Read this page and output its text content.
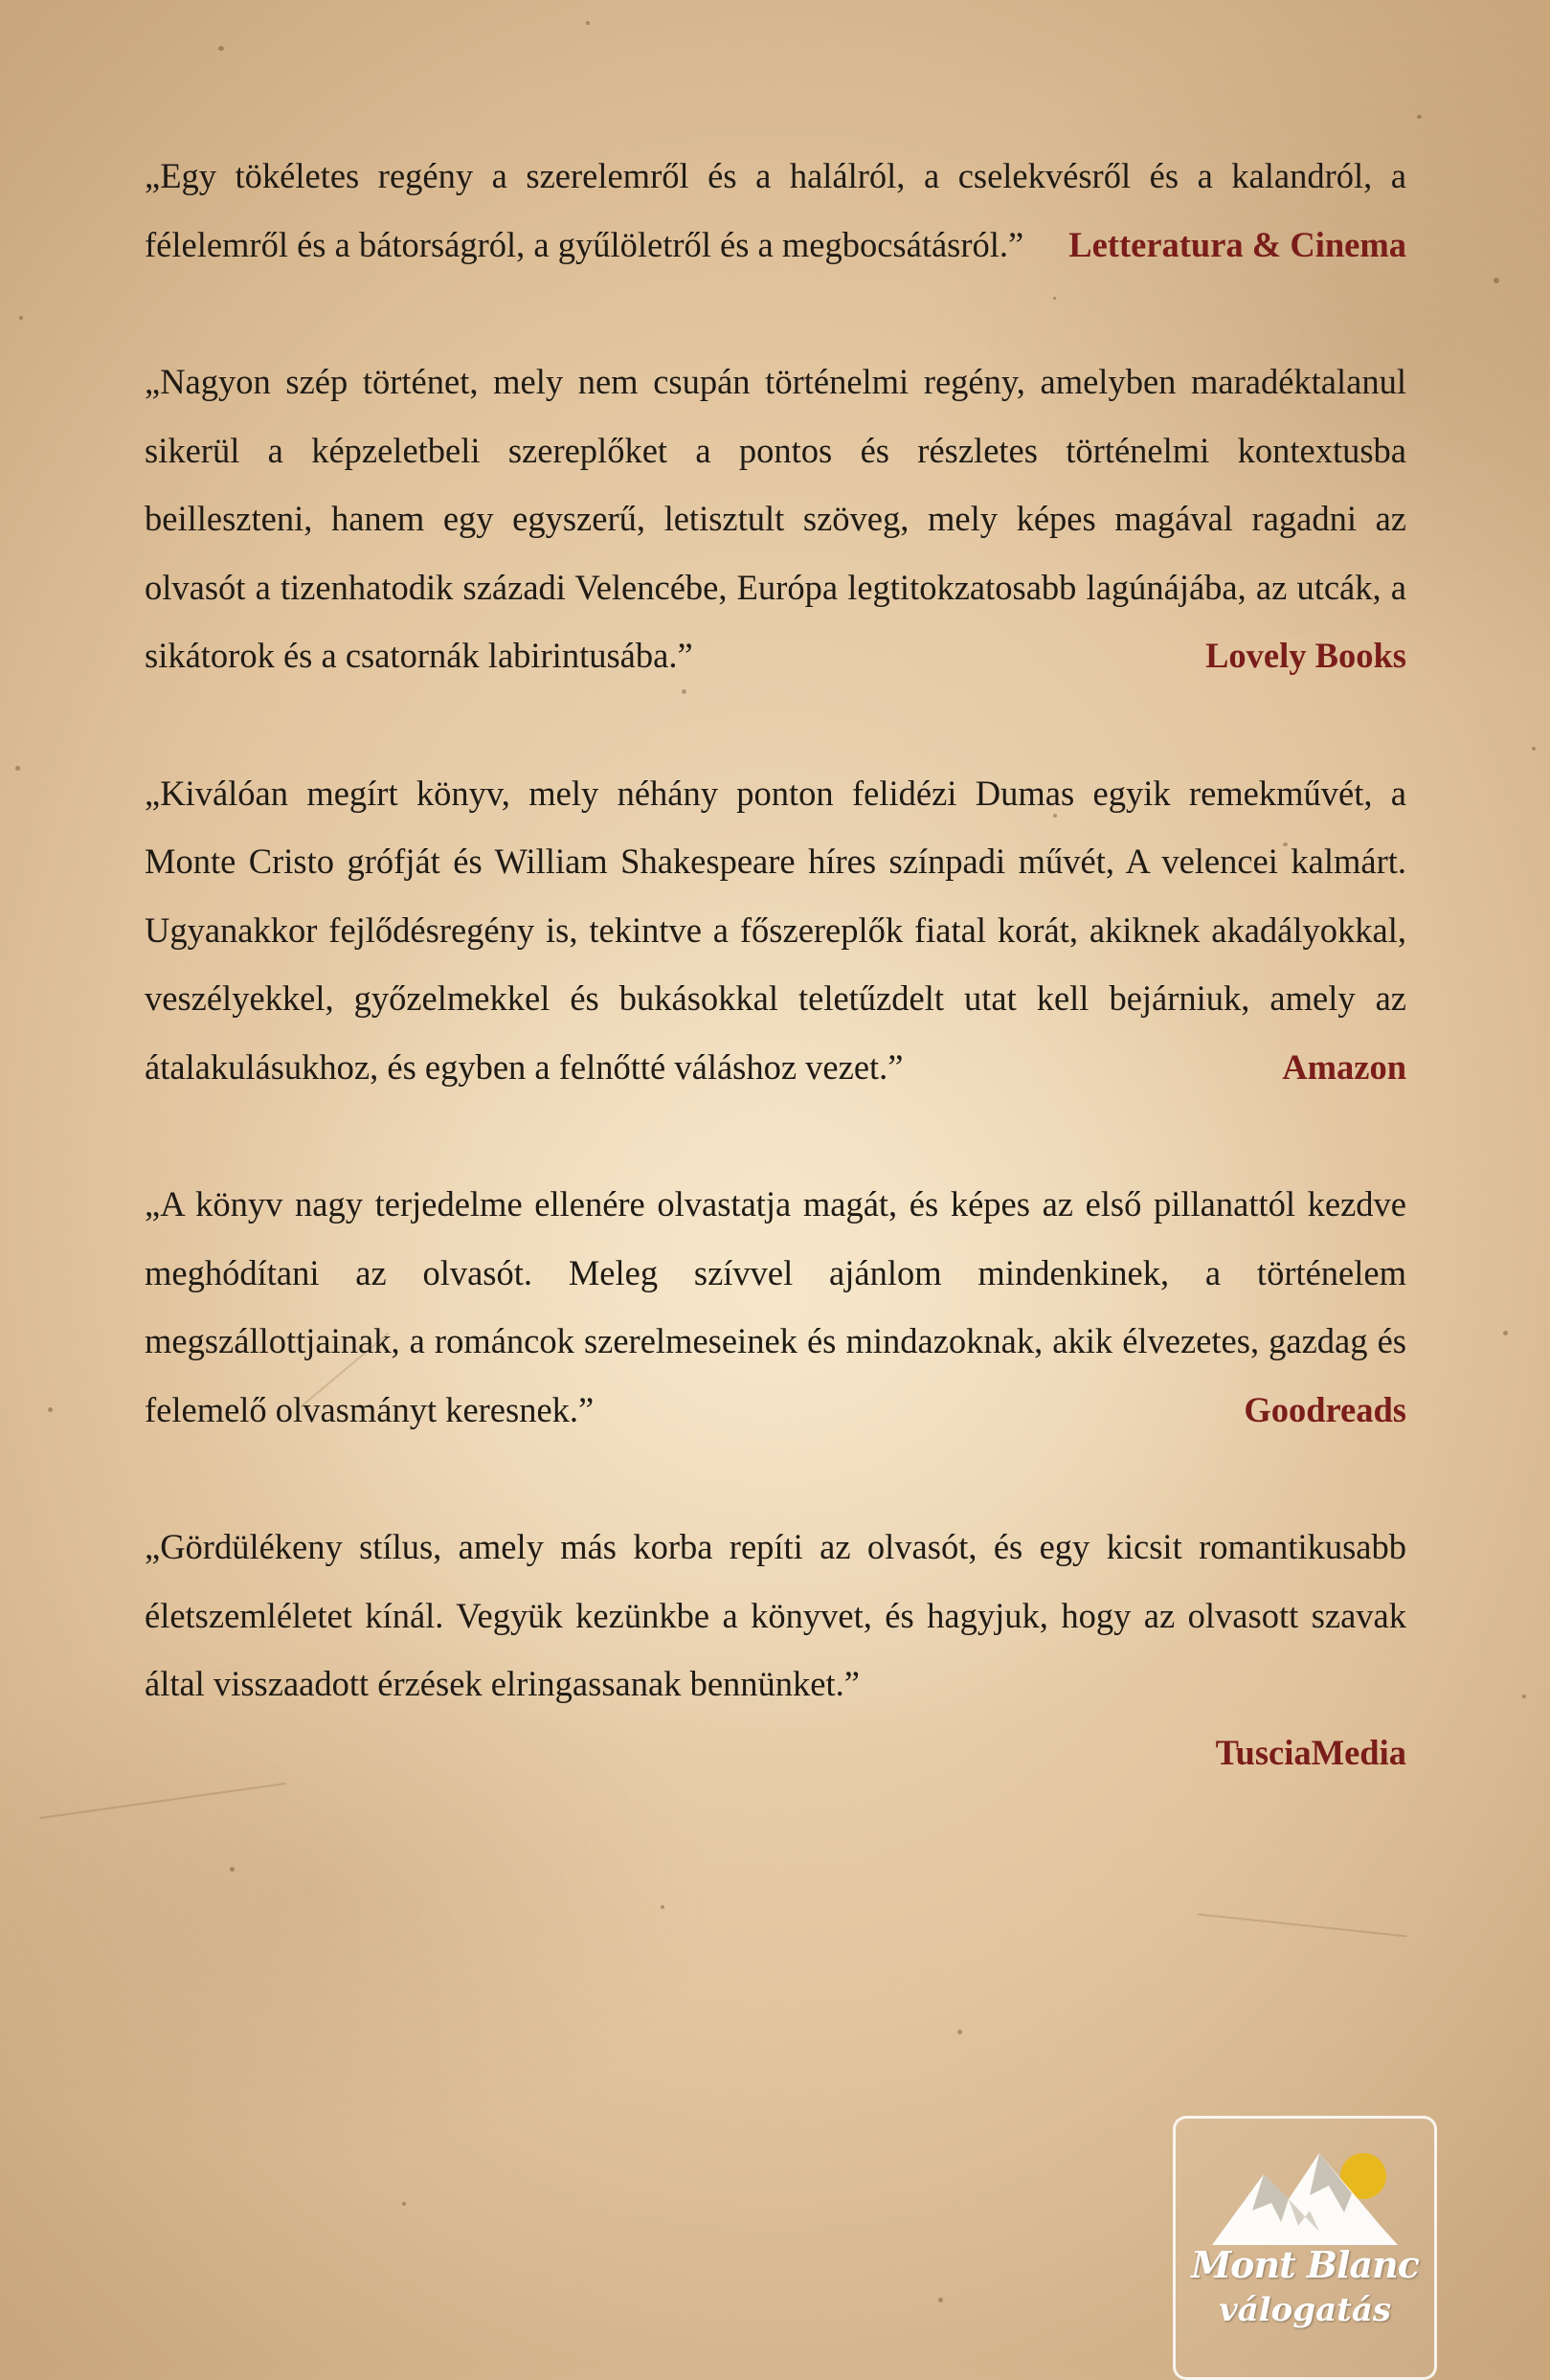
„Egy tökéletes regény a szerelemről és a halálról, a cselekvésről és a kalandról, a félelemről és a bátorságról, a gyűlöletről és a megbocsátásról.” Letteratura & Cinema

„Nagyon szép történet, mely nem csupán történelmi regény, amelyben maradéktalanul sikerül a képzeletbeli szereplőket a pontos és részletes történelmi kontextusba beilleszteni, hanem egy egyszerű, letisztult szöveg, mely képes magával ragadni az olvasót a tizenhatodik századi Velencébe, Európa legtitokzatosabb lagúnájába, az utcák, a sikátorok és a csatornák labirintusába.”	Lovely Books

„Kiválóan megírt könyv, mely néhány ponton felidézi Dumas egyik remekművét, a Monte Cristo grófját és William Shakespeare híres színpadi művét, A velencei kalmárt. Ugyanakkor fejlődésregény is, tekintve a főszereplők fiatal korát, akiknek akadályokkal, veszélyekkel, győzelmekkel és bukásokkal teletűzdelt utat kell bejárniuk, amely az átalakulásukhoz, és egyben a felnőtté váláshoz vezet.”	Amazon

„A könyv nagy terjedelme ellenére olvastatja magát, és képes az első pillanattól kezdve meghódítani az olvasót. Meleg szívvel ajánlom mindenkinek, a történelem megszállottjainak, a románcok szerelmeseinek és mindazoknak, akik élvezetes, gazdag és felemelő olvasmányt keresnek.”	Goodreads

„Gördülékeny stílus, amely más korba repíti az olvasót, és egy kicsit romantikusabb életszemléletet kínál. Vegyük kezünkbe a könyvet, és hagyjuk, hogy az olvasott szavak által visszaadott érzések elringassanak bennünket.”

TusciaMedia
Mont Blanc
válogatás
